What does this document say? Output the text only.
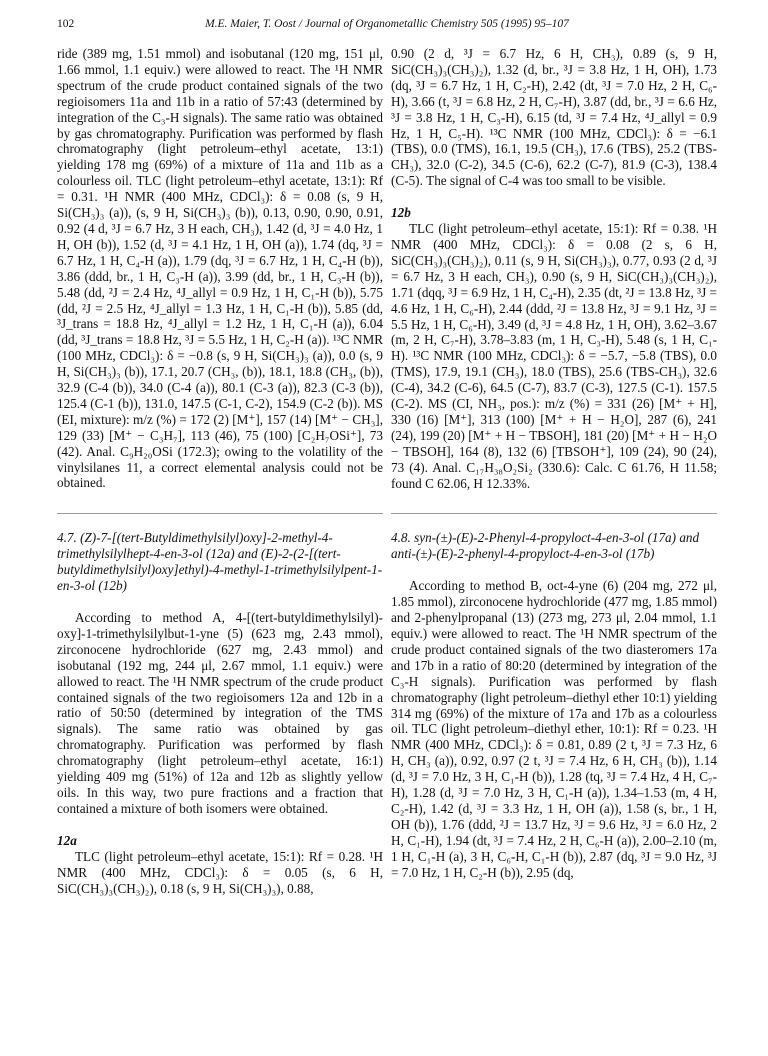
102	M.E. Maier, T. Oost / Journal of Organometallic Chemistry 505 (1995) 95–107

ride (389 mg, 1.51 mmol) and isobutanal (120 mg, 151 μl, 1.66 mmol, 1.1 equiv.) were allowed to react. The ¹H NMR spectrum of the crude product contained signals of the two regioisomers 11a and 11b in a ratio of 57:43 (determined by integration of the C₃-H signals). The same ratio was obtained by gas chromatography. Purification was performed by flash chromatography (light petroleum–ethyl acetate, 13:1) yielding 178 mg (69%) of a mixture of 11a and 11b as a colourless oil. TLC (light petroleum–ethyl acetate, 13:1): Rf = 0.31. ¹H NMR (400 MHz, CDCl₃): δ = 0.08 (s, 9 H, Si(CH₃)₃ (a)), (s, 9 H, Si(CH₃)₃ (b)), 0.13, 0.90, 0.90, 0.91, 0.92 (4 d, ³J = 6.7 Hz, 3 H each, CH₃), 1.42 (d, ³J = 4.0 Hz, 1 H, OH (b)), 1.52 (d, ³J = 4.1 Hz, 1 H, OH (a)), 1.74 (dq, ³J = 6.7 Hz, 1 H, C₄-H (a)), 1.79 (dq, ³J = 6.7 Hz, 1 H, C₄-H (b)), 3.86 (ddd, br., 1 H, C₃-H (a)), 3.99 (dd, br., 1 H, C₃-H (b)), 5.48 (dd, ²J = 2.4 Hz, ⁴J_allyl = 0.9 Hz, 1 H, C₁-H (b)), 5.75 (dd, ²J = 2.5 Hz, ⁴J_allyl = 1.3 Hz, 1 H, C₁-H (b)), 5.85 (dd, ³J_trans = 18.8 Hz, ⁴J_allyl = 1.2 Hz, 1 H, C₁-H (a)), 6.04 (dd, ³J_trans = 18.8 Hz, ³J = 5.5 Hz, 1 H, C₂-H (a)). ¹³C NMR (100 MHz, CDCl₃): δ = −0.8 (s, 9 H, Si(CH₃)₃ (a)), 0.0 (s, 9 H, Si(CH₃)₃ (b)), 17.1, 20.7 (CH₃, (b)), 18.1, 18.8 (CH₃, (b)), 32.9 (C-4 (b)), 34.0 (C-4 (a)), 80.1 (C-3 (a)), 82.3 (C-3 (b)), 125.4 (C-1 (b)), 131.0, 147.5 (C-1, C-2), 154.9 (C-2 (b)). MS (EI, mixture): m/z (%) = 172 (2) [M⁺], 157 (14) [M⁺ − CH₃], 129 (33) [M⁺ − C₃H₇], 113 (46), 75 (100) [C₂H₇OSi⁺], 73 (42). Anal. C₉H₂₀OSi (172.3); owing to the volatility of the vinylsilanes 11, a correct elemental analysis could not be obtained.

4.7. (Z)-7-[(tert-Butyldimethylsilyl)oxy]-2-methyl-4-trimethylsilylhept-4-en-3-ol (12a) and (E)-2-(2-[(tert-butyldimethylsilyl)oxy]ethyl)-4-methyl-1-trimethylsilylpent-1-en-3-ol (12b)

According to method A, 4-[(tert-butyldimethylsilyl)-oxy]-1-trimethylsilylbut-1-yne (5) (623 mg, 2.43 mmol), zirconocene hydrochloride (627 mg, 2.43 mmol) and isobutanal (192 mg, 244 μl, 2.67 mmol, 1.1 equiv.) were allowed to react. The ¹H NMR spectrum of the crude product contained signals of the two regioisomers 12a and 12b in a ratio of 50:50 (determined by integration of the TMS signals). The same ratio was obtained by gas chromatography. Purification was performed by flash chromatography (light petroleum–ethyl acetate, 16:1) yielding 409 mg (51%) of 12a and 12b as slightly yellow oils. In this way, two pure fractions and a fraction that contained a mixture of both isomers were obtained.

12a

TLC (light petroleum–ethyl acetate, 15:1): Rf = 0.28. ¹H NMR (400 MHz, CDCl₃): δ = 0.05 (s, 6 H, SiC(CH₃)₃(CH₃)₂), 0.18 (s, 9 H, Si(CH₃)₃), 0.88,

0.90 (2 d, ³J = 6.7 Hz, 6 H, CH₃), 0.89 (s, 9 H, SiC(CH₃)₃(CH₃)₂), 1.32 (d, br., ³J = 3.8 Hz, 1 H, OH), 1.73 (dq, ³J = 6.7 Hz, 1 H, C₂-H), 2.42 (dt, ³J = 7.0 Hz, 2 H, C₆-H), 3.66 (t, ³J = 6.8 Hz, 2 H, C₇-H), 3.87 (dd, br., ³J = 6.6 Hz, ³J = 3.8 Hz, 1 H, C₃-H), 6.15 (td, ³J = 7.4 Hz, ⁴J_allyl = 0.9 Hz, 1 H, C₅-H). ¹³C NMR (100 MHz, CDCl₃): δ = −6.1 (TBS), 0.0 (TMS), 16.1, 19.5 (CH₃), 17.6 (TBS), 25.2 (TBS-CH₃), 32.0 (C-2), 34.5 (C-6), 62.2 (C-7), 81.9 (C-3), 138.4 (C-5). The signal of C-4 was too small to be visible.

12b

TLC (light petroleum–ethyl acetate, 15:1): Rf = 0.38. ¹H NMR (400 MHz, CDCl₃): δ = 0.08 (2 s, 6 H, SiC(CH₃)₃(CH₃)₂), 0.11 (s, 9 H, Si(CH₃)₃), 0.77, 0.93 (2 d, ³J = 6.7 Hz, 3 H each, CH₃), 0.90 (s, 9 H, SiC(CH₃)₃(CH₃)₂), 1.71 (dqq, ³J = 6.9 Hz, 1 H, C₄-H), 2.35 (dt, ²J = 13.8 Hz, ³J = 4.6 Hz, 1 H, C₆-H), 2.44 (ddd, ²J = 13.8 Hz, ³J = 9.1 Hz, ³J = 5.5 Hz, 1 H, C₆-H), 3.49 (d, ³J = 4.8 Hz, 1 H, OH), 3.62–3.67 (m, 2 H, C₇-H), 3.78–3.83 (m, 1 H, C₃-H), 5.48 (s, 1 H, C₁-H). ¹³C NMR (100 MHz, CDCl₃): δ = −5.7, −5.8 (TBS), 0.0 (TMS), 17.9, 19.1 (CH₃), 18.0 (TBS), 25.6 (TBS-CH₃), 32.6 (C-4), 34.2 (C-6), 64.5 (C-7), 83.7 (C-3), 127.5 (C-1). 157.5 (C-2). MS (CI, NH₃, pos.): m/z (%) = 331 (26) [M⁺ + H], 330 (16) [M⁺], 313 (100) [M⁺ + H − H₂O], 287 (6), 241 (24), 199 (20) [M⁺ + H − TBSOH], 181 (20) [M⁺ + H − H₂O − TBSOH], 164 (8), 132 (6) [TBSOH⁺], 109 (24), 90 (24), 73 (4). Anal. C₁₇H₃₈O₂Si₂ (330.6): Calc. C 61.76, H 11.58; found C 62.06, H 12.33%.

4.8. syn-(±)-(E)-2-Phenyl-4-propyloct-4-en-3-ol (17a) and anti-(±)-(E)-2-phenyl-4-propyloct-4-en-3-ol (17b)

According to method B, oct-4-yne (6) (204 mg, 272 μl, 1.85 mmol), zirconocene hydrochloride (477 mg, 1.85 mmol) and 2-phenylpropanal (13) (273 mg, 273 μl, 2.04 mmol, 1.1 equiv.) were allowed to react. The ¹H NMR spectrum of the crude product contained signals of the two diasteromers 17a and 17b in a ratio of 80:20 (determined by integration of the C₃-H signals). Purification was performed by flash chromatography (light petroleum–diethyl ether 10:1) yielding 314 mg (69%) of the mixture of 17a and 17b as a colourless oil. TLC (light petroleum–diethyl ether, 10:1): Rf = 0.23. ¹H NMR (400 MHz, CDCl₃): δ = 0.81, 0.89 (2 t, ³J = 7.3 Hz, 6 H, CH₃ (a)), 0.92, 0.97 (2 t, ³J = 7.4 Hz, 6 H, CH₃ (b)), 1.14 (d, ³J = 7.0 Hz, 3 H, C₁-H (b)), 1.28 (tq, ³J = 7.4 Hz, 4 H, C₇-H), 1.28 (d, ³J = 7.0 Hz, 3 H, C₁-H (a)), 1.34–1.53 (m, 4 H, C₂-H), 1.42 (d, ³J = 3.3 Hz, 1 H, OH (a)), 1.58 (s, br., 1 H, OH (b)), 1.76 (ddd, ²J = 13.7 Hz, ³J = 9.6 Hz, ³J = 6.0 Hz, 2 H, C₁-H), 1.94 (dt, ³J = 7.4 Hz, 2 H, C₆-H (a)), 2.00–2.10 (m, 1 H, C₁-H (a), 3 H, C₆-H, C₁-H (b)), 2.87 (dq, ³J = 9.0 Hz, ³J = 7.0 Hz, 1 H, C₂-H (b)), 2.95 (dq,
